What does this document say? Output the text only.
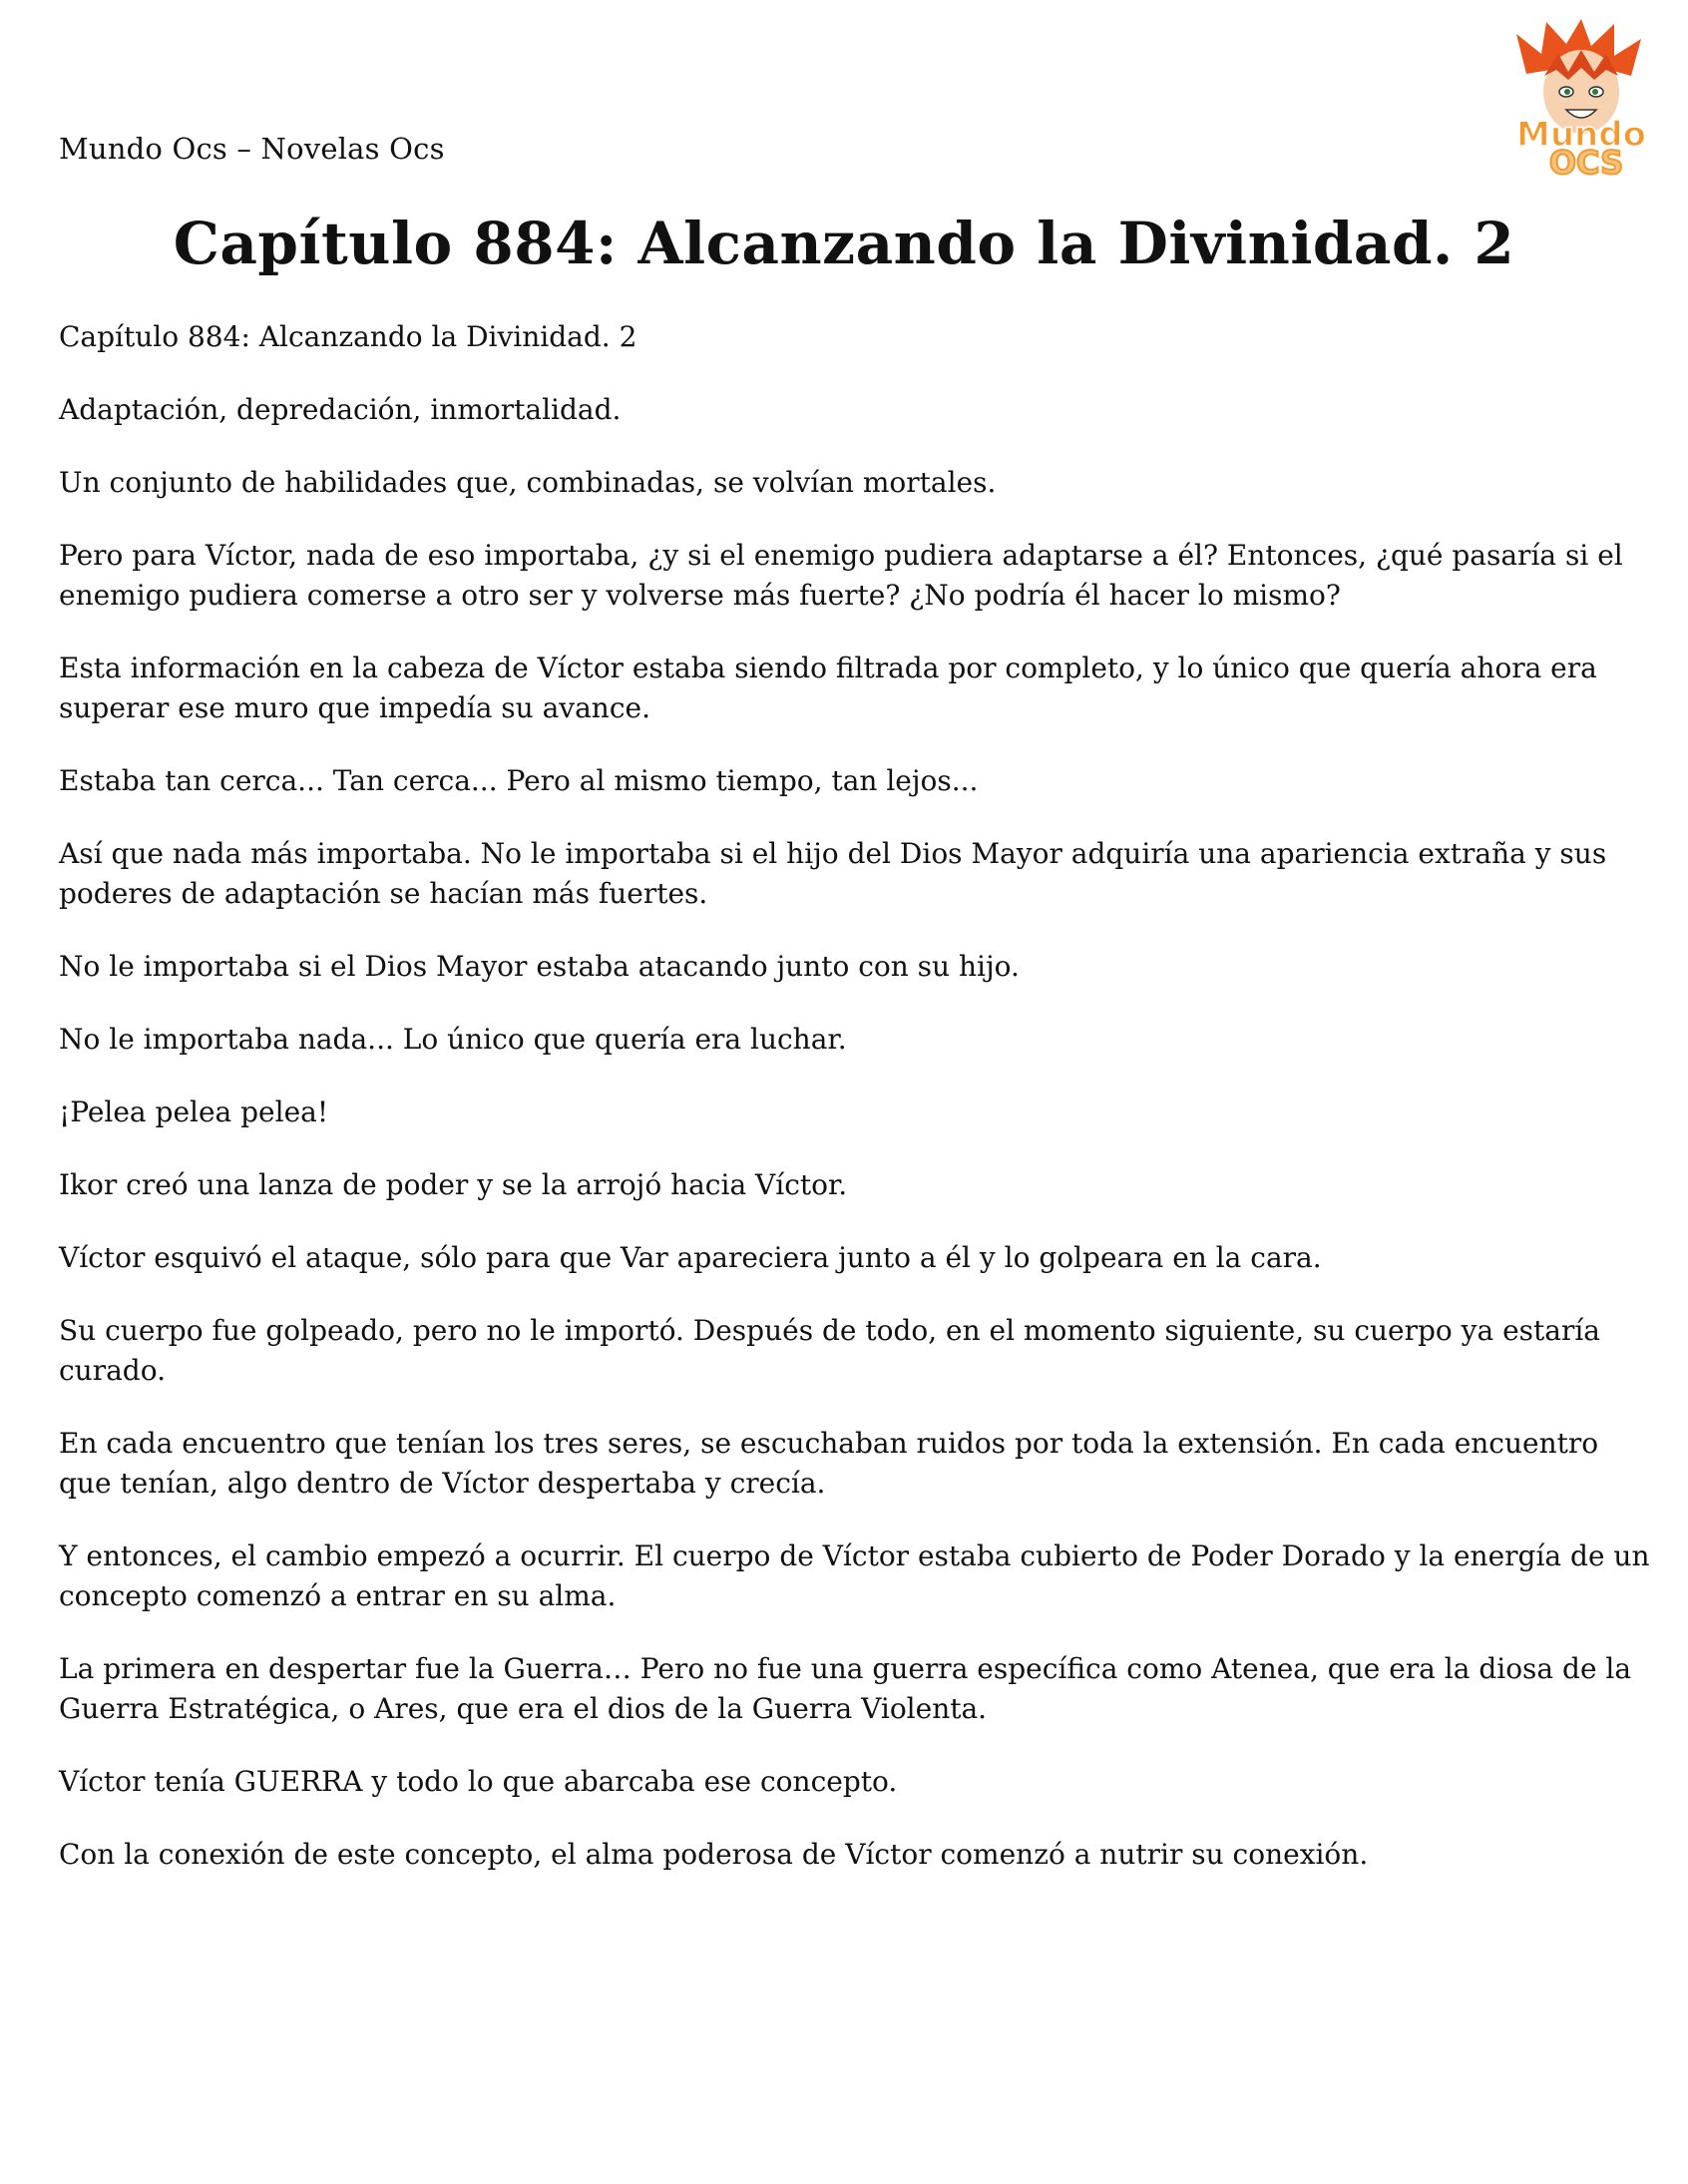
Mundo Ocs – Novelas Ocs	Mundo
OCS
Capítulo 884: Alcanzando la Divinidad. 2

Capítulo 884: Alcanzando la Divinidad. 2

Adaptación, depredación, inmortalidad.

Un conjunto de habilidades que, combinadas, se volvían mortales.

Pero para Víctor, nada de eso importaba, ¿y si el enemigo pudiera adaptarse a él? Entonces, ¿qué pasaría si el enemigo pudiera comerse a otro ser y volverse más fuerte? ¿No podría él hacer lo mismo?

Esta información en la cabeza de Víctor estaba siendo filtrada por completo, y lo único que quería ahora era superar ese muro que impedía su avance.

Estaba tan cerca... Tan cerca... Pero al mismo tiempo, tan lejos...

Así que nada más importaba. No le importaba si el hijo del Dios Mayor adquiría una apariencia extraña y sus poderes de adaptación se hacían más fuertes.

No le importaba si el Dios Mayor estaba atacando junto con su hijo.

No le importaba nada... Lo único que quería era luchar.

¡Pelea pelea pelea!

Ikor creó una lanza de poder y se la arrojó hacia Víctor.

Víctor esquivó el ataque, sólo para que Var apareciera junto a él y lo golpeara en la cara.

Su cuerpo fue golpeado, pero no le importó. Después de todo, en el momento siguiente, su cuerpo ya estaría curado.

En cada encuentro que tenían los tres seres, se escuchaban ruidos por toda la extensión. En cada encuentro que tenían, algo dentro de Víctor despertaba y crecía.

Y entonces, el cambio empezó a ocurrir. El cuerpo de Víctor estaba cubierto de Poder Dorado y la energía de un concepto comenzó a entrar en su alma.

La primera en despertar fue la Guerra… Pero no fue una guerra específica como Atenea, que era la diosa de la Guerra Estratégica, o Ares, que era el dios de la Guerra Violenta.

Víctor tenía GUERRA y todo lo que abarcaba ese concepto.

Con la conexión de este concepto, el alma poderosa de Víctor comenzó a nutrir su conexión.
